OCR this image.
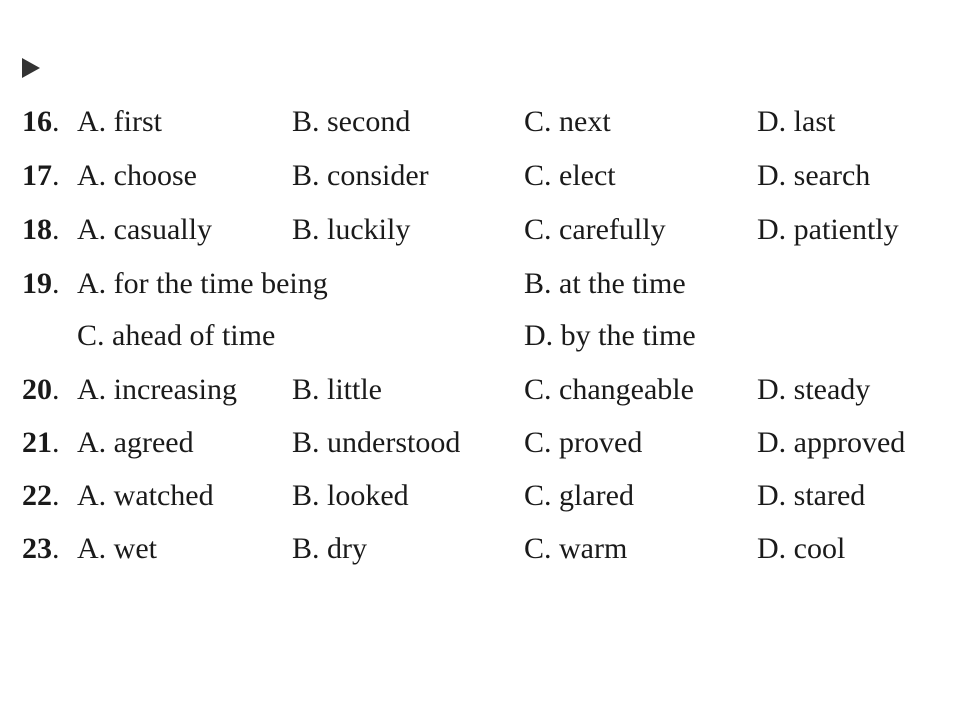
16. A. first	B. second	C. next	D. last
17. A. choose	B. consider	C. elect	D. search
18. A. casually	B. luckily	C. carefully	D. patiently
19. A. for the time being	B. at the time
C. ahead of time	D. by the time
20. A. increasing B. little	C. changeable D. steady
21. A. agreed	B. understood C. proved	D. approved
22. A. watched	B. looked	C. glared	D. stared
23. A. wet	B. dry	C. warm	D. cool
